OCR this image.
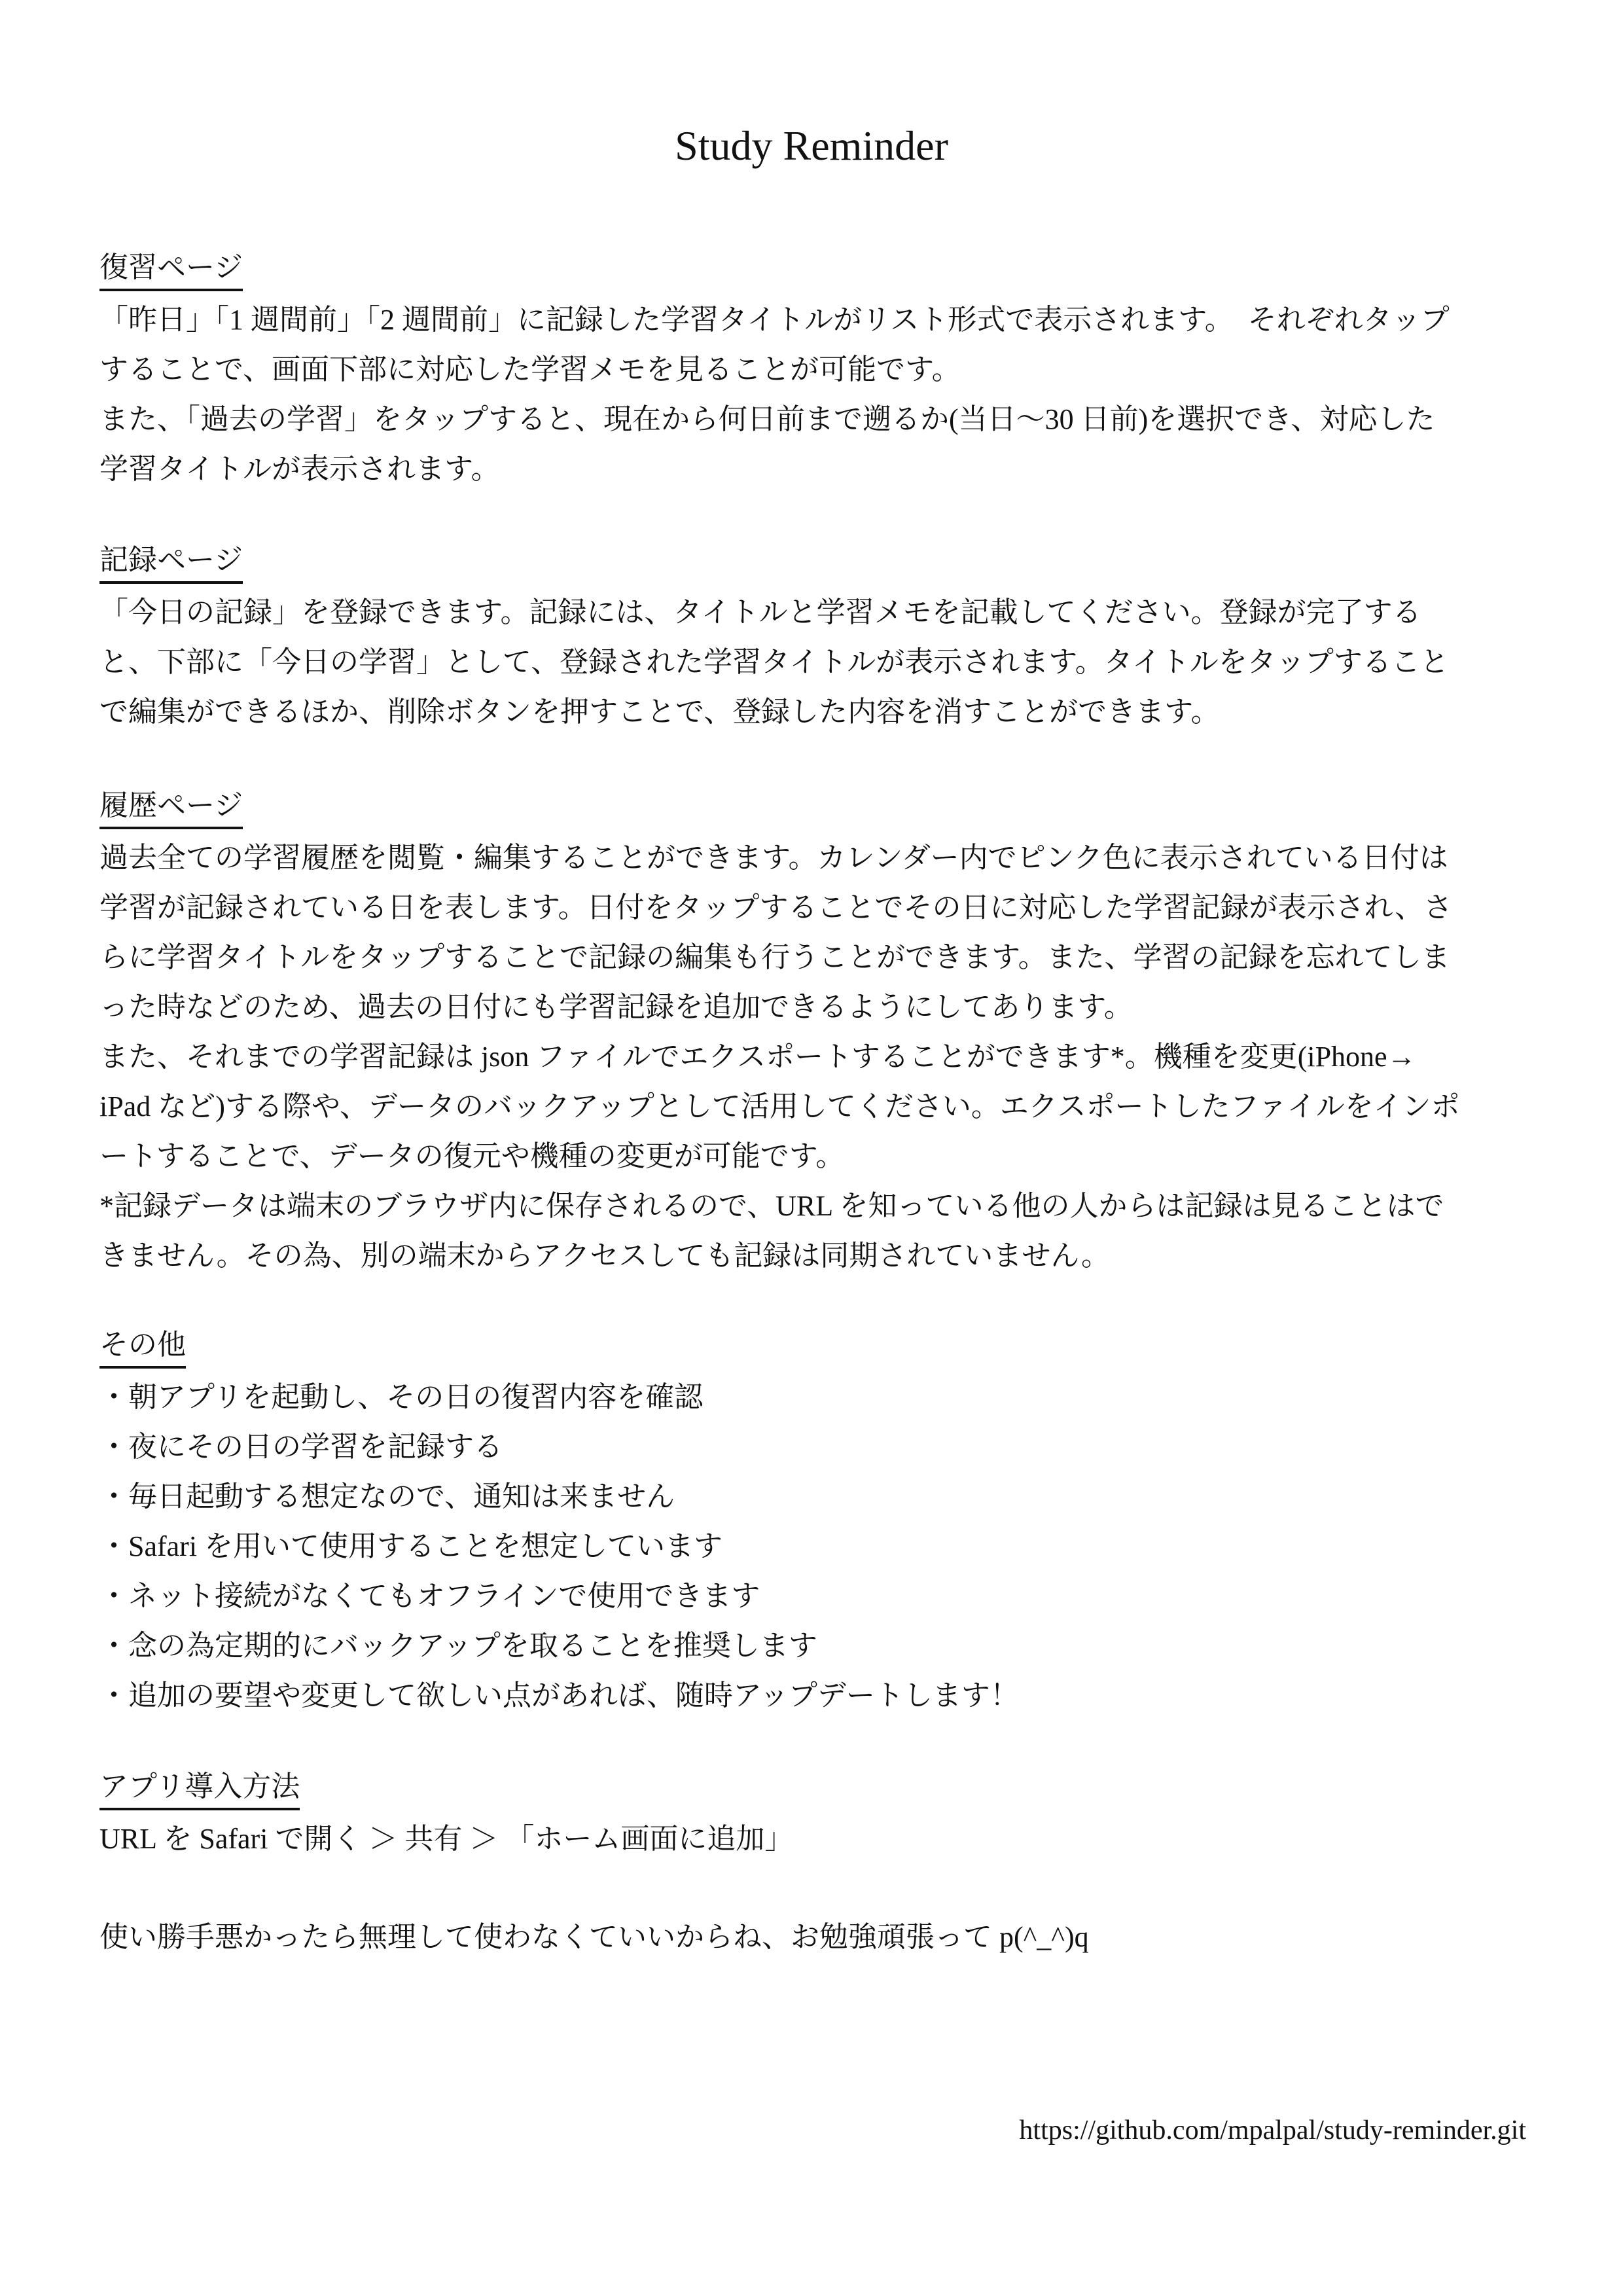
Study Reminder
復習ページ
「昨日」「1 週間前」「2 週間前」に記録した学習タイトルがリスト形式で表示されます。　それぞれタップ
することで、画面下部に対応した学習メモを見ることが可能です。
また、「過去の学習」をタップすると、現在から何日前まで遡るか(当日〜30 日前)を選択でき、対応した
学習タイトルが表示されます。
記録ページ
「今日の記録」を登録できます。記録には、タイトルと学習メモを記載してください。登録が完了する
と、下部に「今日の学習」として、登録された学習タイトルが表示されます。タイトルをタップすること
で編集ができるほか、削除ボタンを押すことで、登録した内容を消すことができます。
履歴ページ
過去全ての学習履歴を閲覧・編集することができます。カレンダー内でピンク色に表示されている日付は
学習が記録されている日を表します。日付をタップすることでその日に対応した学習記録が表示され、さ
らに学習タイトルをタップすることで記録の編集も行うことができます。また、学習の記録を忘れてしま
った時などのため、過去の日付にも学習記録を追加できるようにしてあります。
また、それまでの学習記録は json ファイルでエクスポートすることができます*。機種を変更(iPhone→
iPad など)する際や、データのバックアップとして活用してください。エクスポートしたファイルをインポ
ートすることで、データの復元や機種の変更が可能です。
*記録データは端末のブラウザ内に保存されるので、URL を知っている他の人からは記録は見ることはで
きません。その為、別の端末からアクセスしても記録は同期されていません。
その他
・朝アプリを起動し、その日の復習内容を確認
・夜にその日の学習を記録する
・毎日起動する想定なので、通知は来ません
・Safari を用いて使用することを想定しています
・ネット接続がなくてもオフラインで使用できます
・念の為定期的にバックアップを取ることを推奨します
・追加の要望や変更して欲しい点があれば、随時アップデートします！
アプリ導入方法
URL を Safari で開く ＞ 共有 ＞ 「ホーム画面に追加」
使い勝手悪かったら無理して使わなくていいからね、お勉強頑張って p(^_^)q
https://github.com/mpalpal/study-reminder.git
